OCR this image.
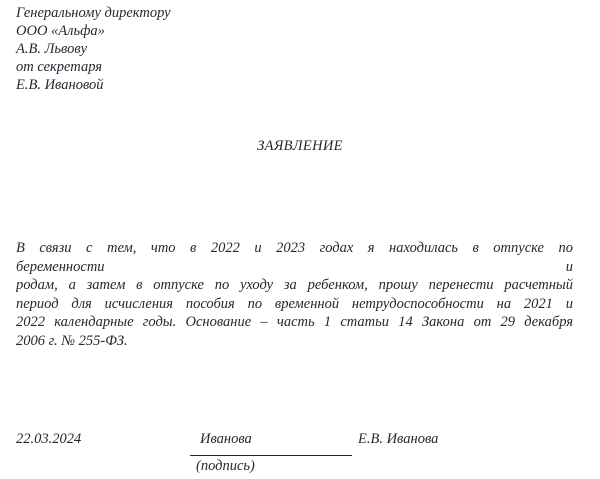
Генеральному директору
ООО «Альфа»
А.В. Львову
от секретаря
Е.В. Ивановой
ЗАЯВЛЕНИЕ
В связи с тем, что в 2022 и 2023 годах я находилась в отпуске по
беременности	и
родам, а затем в отпуске по уходу за ребенком, прошу перенести расчетный
период для исчисления пособия по временной нетрудоспособности на 2021 и
2022 календарные годы. Основание – часть 1 статьи 14 Закона от 29 декабря
2006 г. № 255-ФЗ.
22.03.2024	Иванова
(подпись)
Е.В. Иванова
